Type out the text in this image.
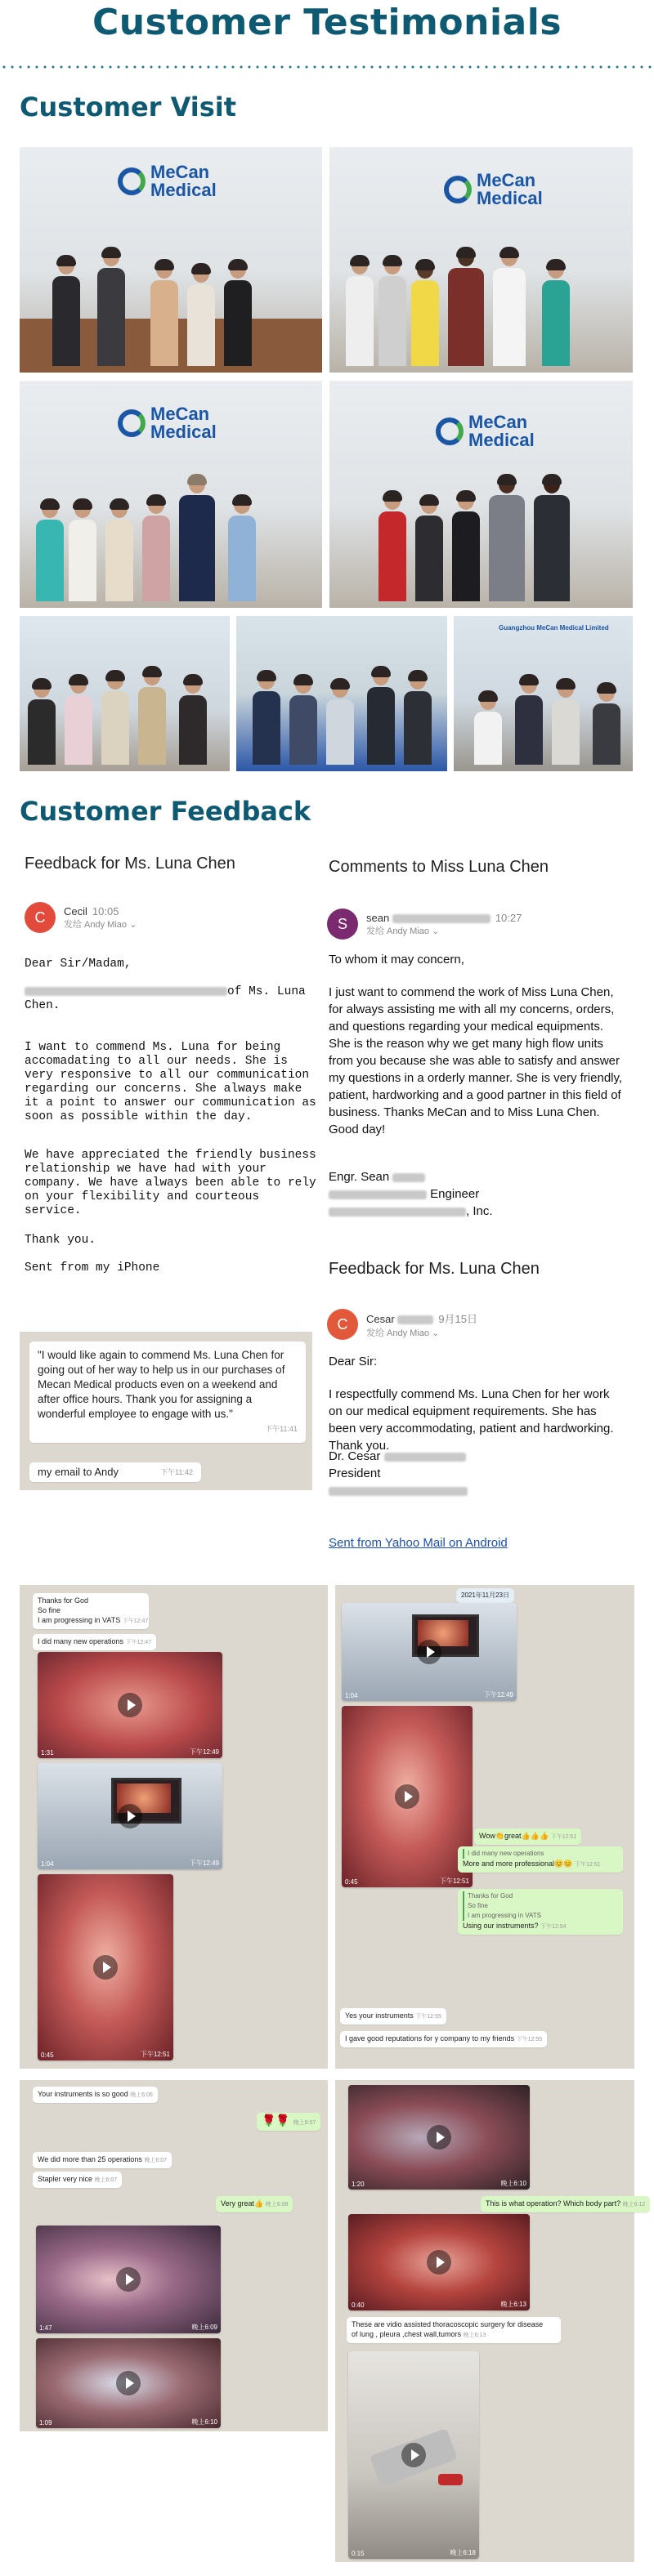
Customer Testimonials
Customer Visit
MeCan Medical	MeCan Medical
MeCan Medical	MeCan Medical
Guangzhou MeCan Medical Limited
Customer Feedback
Feedback for Ms. Luna Chen
C	Cecil 10:05
发给 Andy Miao ⌄
Dear Sir/Madam,
of Ms. Luna Chen.
I want to commend Ms. Luna for being accomadating to all our needs. She is very responsive to all our communication regarding our concerns. She always make it a point to answer our communication as soon as possible within the day.
We have appreciated the friendly business relationship we have had with your company. We have always been able to rely on your flexibility and courteous service.
Thank you.
Sent from my iPhone
Comments to Miss Luna Chen
S	sean	10:27
发给 Andy Miao ⌄
To whom it may concern,
I just want to commend the work of Miss Luna Chen, for always assisting me with all my concerns, orders, and questions regarding your medical equipments. She is the reason why we get many high flow units from you because she was able to satisfy and answer my questions in a orderly manner. She is very friendly, patient, hardworking and a good partner in this field of business. Thanks MeCan and to Miss Luna Chen. Good day!
Engr. Sean
Engineer
, Inc.
"I would like again to commend Ms. Luna Chen for going out of her way to help us in our purchases of Mecan Medical products even on a weekend and after office hours. Thank you for assigning a wonderful employee to engage with us."
下午11:41
my email to Andy	下午11:42
Feedback for Ms. Luna Chen
C	Cesar	9月15日
发给 Andy Miao ⌄
Dear Sir:
I respectfully commend Ms. Luna Chen for her work on our medical equipment requirements. She has been very accommodating, patient and hardworking. Thank you.
Dr. Cesar
President
Sent from Yahoo Mail on Android
Thanks for God
So fine
I am progressing in VATS 下午12:47
I did many new operations 下午12:47
1:31	下午12:49
1:04	下午12:49
0:45	下午12:51
2021年11月23日
1:04	下午12:49
0:45	下午12:51
Wow👏great👍👍👍 下午12:51
I did many new operations
More and more professional😊😊 下午12:51
Thanks for God
So fine
I am progressing in VATS
Using our instruments? 下午12:54
Yes your instruments 下午12:55
I gave good reputations for y company to my friends 下午12:55
Your instruments is so good 晚上6:06
🌹🌹 晚上6:07
We did more than 25 operations 晚上6:07
Stapler very nice 晚上6:07
Very great👍 晚上6:08
1:47	晚上6:09
1:09	晚上6:10
1:20	晚上6:10
This is what operation? Which body part? 晚上6:12
0:40	晚上6:13
These are vidio assisted thoracoscopic surgery for disease
of lung , pleura ,chest wall,tumors 晚上6:13
0:15	晚上6:18
